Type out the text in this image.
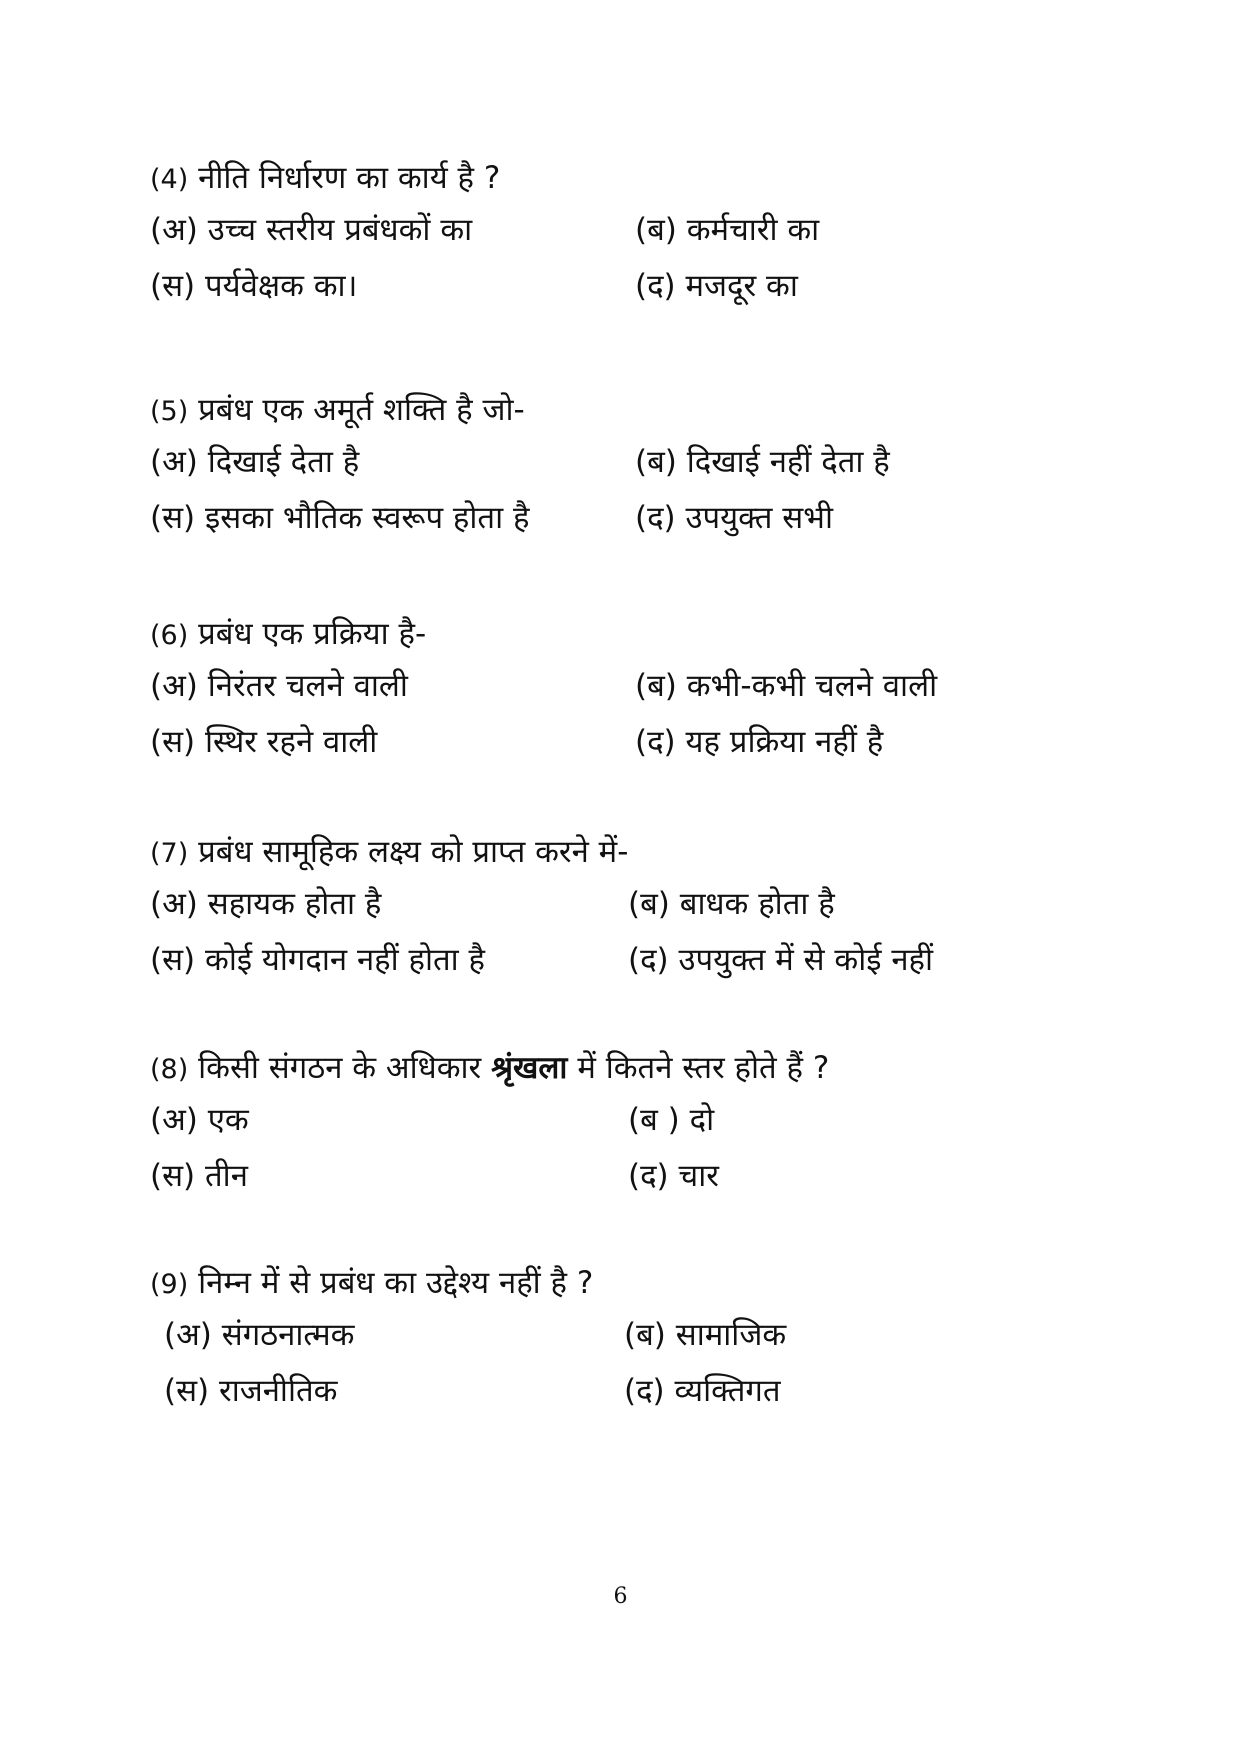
(4) नीति निर्धारण का कार्य है ?
(अ) उच्च स्तरीय प्रबंधकों का	(ब) कर्मचारी का
(स) पर्यवेक्षक का।	(द) मजदूर का
(5) प्रबंध एक अमूर्त शक्ति है जो-
(अ) दिखाई देता है	(ब) दिखाई नहीं देता है
(स) इसका भौतिक स्वरूप होता है	(द) उपयुक्त सभी
(6) प्रबंध एक प्रक्रिया है-
(अ) निरंतर चलने वाली	(ब) कभी-कभी चलने वाली
(स) स्थिर रहने वाली	(द) यह प्रक्रिया नहीं है
(7) प्रबंध सामूहिक लक्ष्य को प्राप्त करने में-
(अ) सहायक होता है	(ब) बाधक होता है
(स) कोई योगदान नहीं होता है	(द) उपयुक्त में से कोई नहीं
(8) किसी संगठन के अधिकार श्रृंखला में कितने स्तर होते हैं ?
(अ) एक	(ब ) दो
(स) तीन	(द) चार
(9) निम्न में से प्रबंध का उद्देश्य नहीं है ?
(अ) संगठनात्मक	(ब) सामाजिक
(स) राजनीतिक	(द) व्यक्तिगत
6
